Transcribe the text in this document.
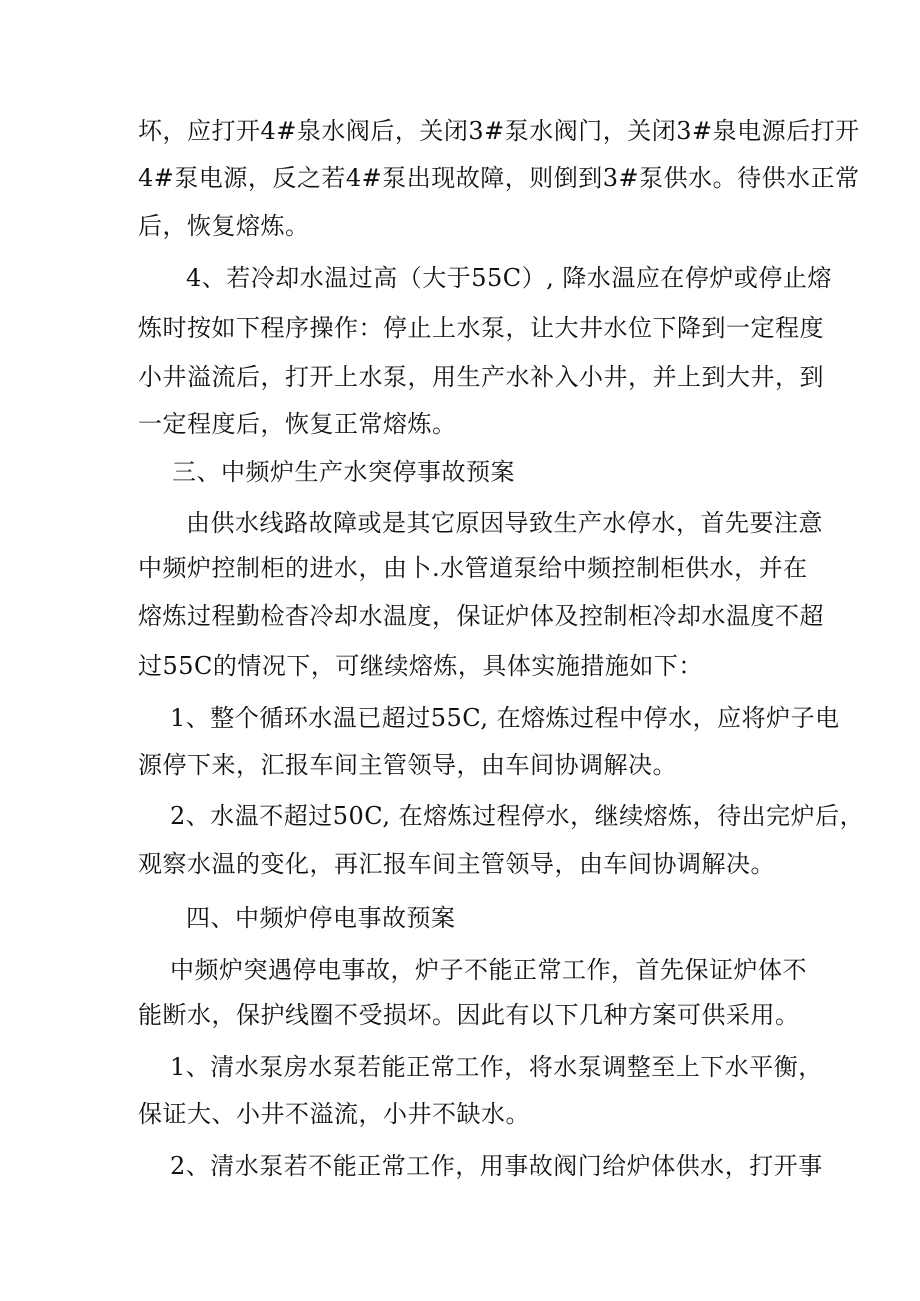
坏，应打开4#泉水阀后，关闭3#泵水阀门，关闭3#泉电源后打开
4#泵电源，反之若4#泵出现故障，则倒到3#泵供水。待供水正常
后，恢复熔炼。
4、若冷却水温过高（大于55C）, 降水温应在停炉或停止熔
炼时按如下程序操作：停止上水泵，让大井水位下降到一定程度
小井溢流后，打开上水泵，用生产水补入小井，并上到大井，到
一定程度后，恢复正常熔炼。
三、中频炉生产水突停事故预案
由供水线路故障或是其它原因导致生产水停水，首先要注意
中频炉控制柜的进水，由卜.水管道泵给中频控制柜供水，并在
熔炼过程勤检杳冷却水温度，保证炉体及控制柜冷却水温度不超
过55C的情况下，可继续熔炼，具体实施措施如下：
1、整个循环水温已超过55C, 在熔炼过程中停水，应将炉子电
源停下来，汇报车间主管领导，由车间协调解决。
2、水温不超过50C, 在熔炼过程停水，继续熔炼，待出完炉后，
观察水温的变化，再汇报车间主管领导，由车间协调解决。
四、中频炉停电事故预案
中频炉突遇停电事故，炉子不能正常工作，首先保证炉体不
能断水，保护线圈不受损坏。因此有以下几种方案可供采用。
1、清水泵房水泵若能正常工作，将水泵调整至上下水平衡，
保证大、小井不溢流，小井不缺水。
2、清水泵若不能正常工作，用事故阀门给炉体供水，打开事
